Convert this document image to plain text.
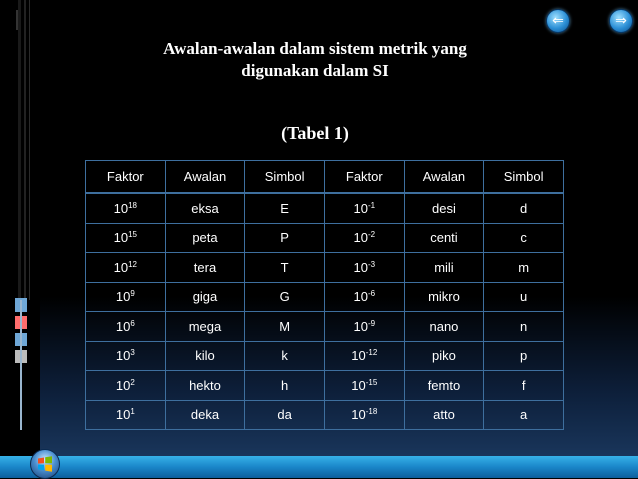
⇐	⇒
Awalan-awalan dalam sistem metrik yang
digunakan dalam SI
(Tabel 1)
Faktor	Awalan	Simbol	Faktor	Awalan	Simbol
$10^{18}$	eksa	E	$10^{-1}$	desi	d
$10^{15}$	peta	P	$10^{-2}$	centi	c
$10^{12}$	tera	T	$10^{-3}$	mili	m
$10^9$	giga	G	$10^{-6}$	mikro	u
$10^6$	mega	M	$10^{-9}$	nano	n
$10^3$	kilo	k	$10^{-12}$	piko	p
$10^2$	hekto	h	$10^{-15}$	femto	f
$10^1$	deka	da	$10^{-18}$	atto	a
